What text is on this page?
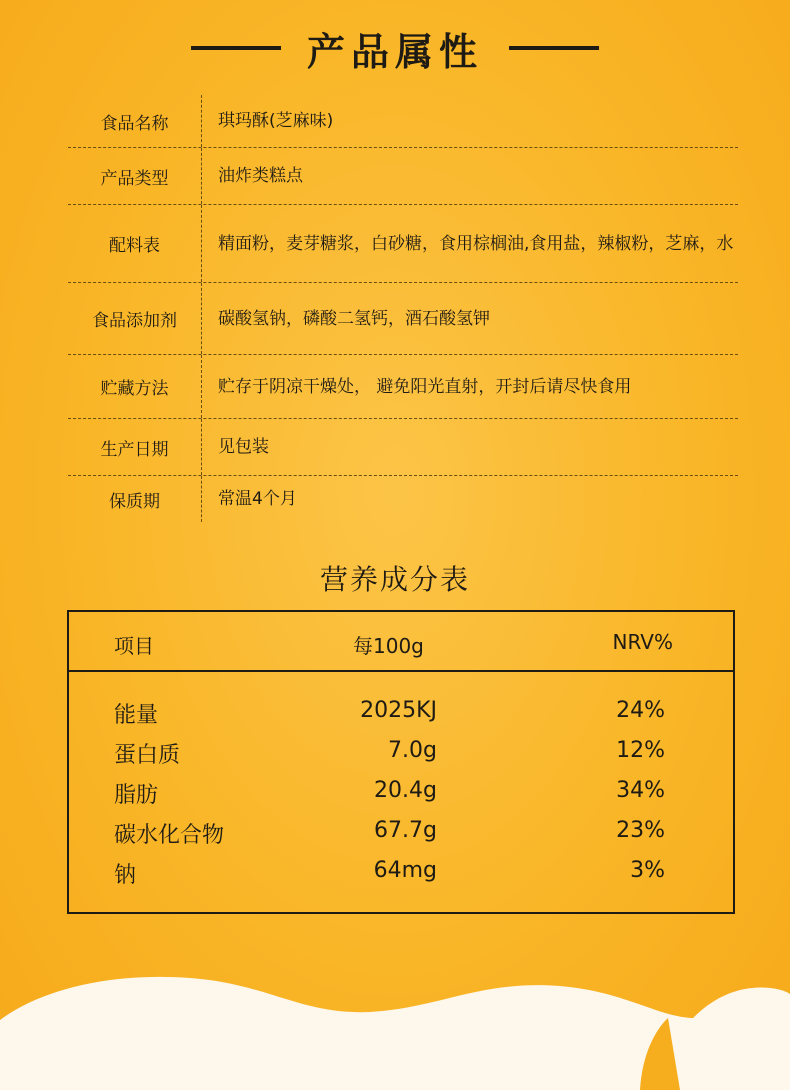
产品属性
食品名称	琪玛酥(芝麻味)
产品类型	油炸类糕点
配料表	精面粉，麦芽糖浆，白砂糖，食用棕榈油,食用盐，辣椒粉，芝麻，水
食品添加剂	碳酸氢钠，磷酸二氢钙，酒石酸氢钾
贮藏方法	贮存于阴凉干燥处， 避免阳光直射，开封后请尽快食用
生产日期	见包装
保质期	常温4个月
营养成分表
项目	每100g	NRV%
能量	2025KJ	24%
蛋白质	7.0g	12%
脂肪	20.4g	34%
碳水化合物	67.7g	23%
钠	64mg	3%
